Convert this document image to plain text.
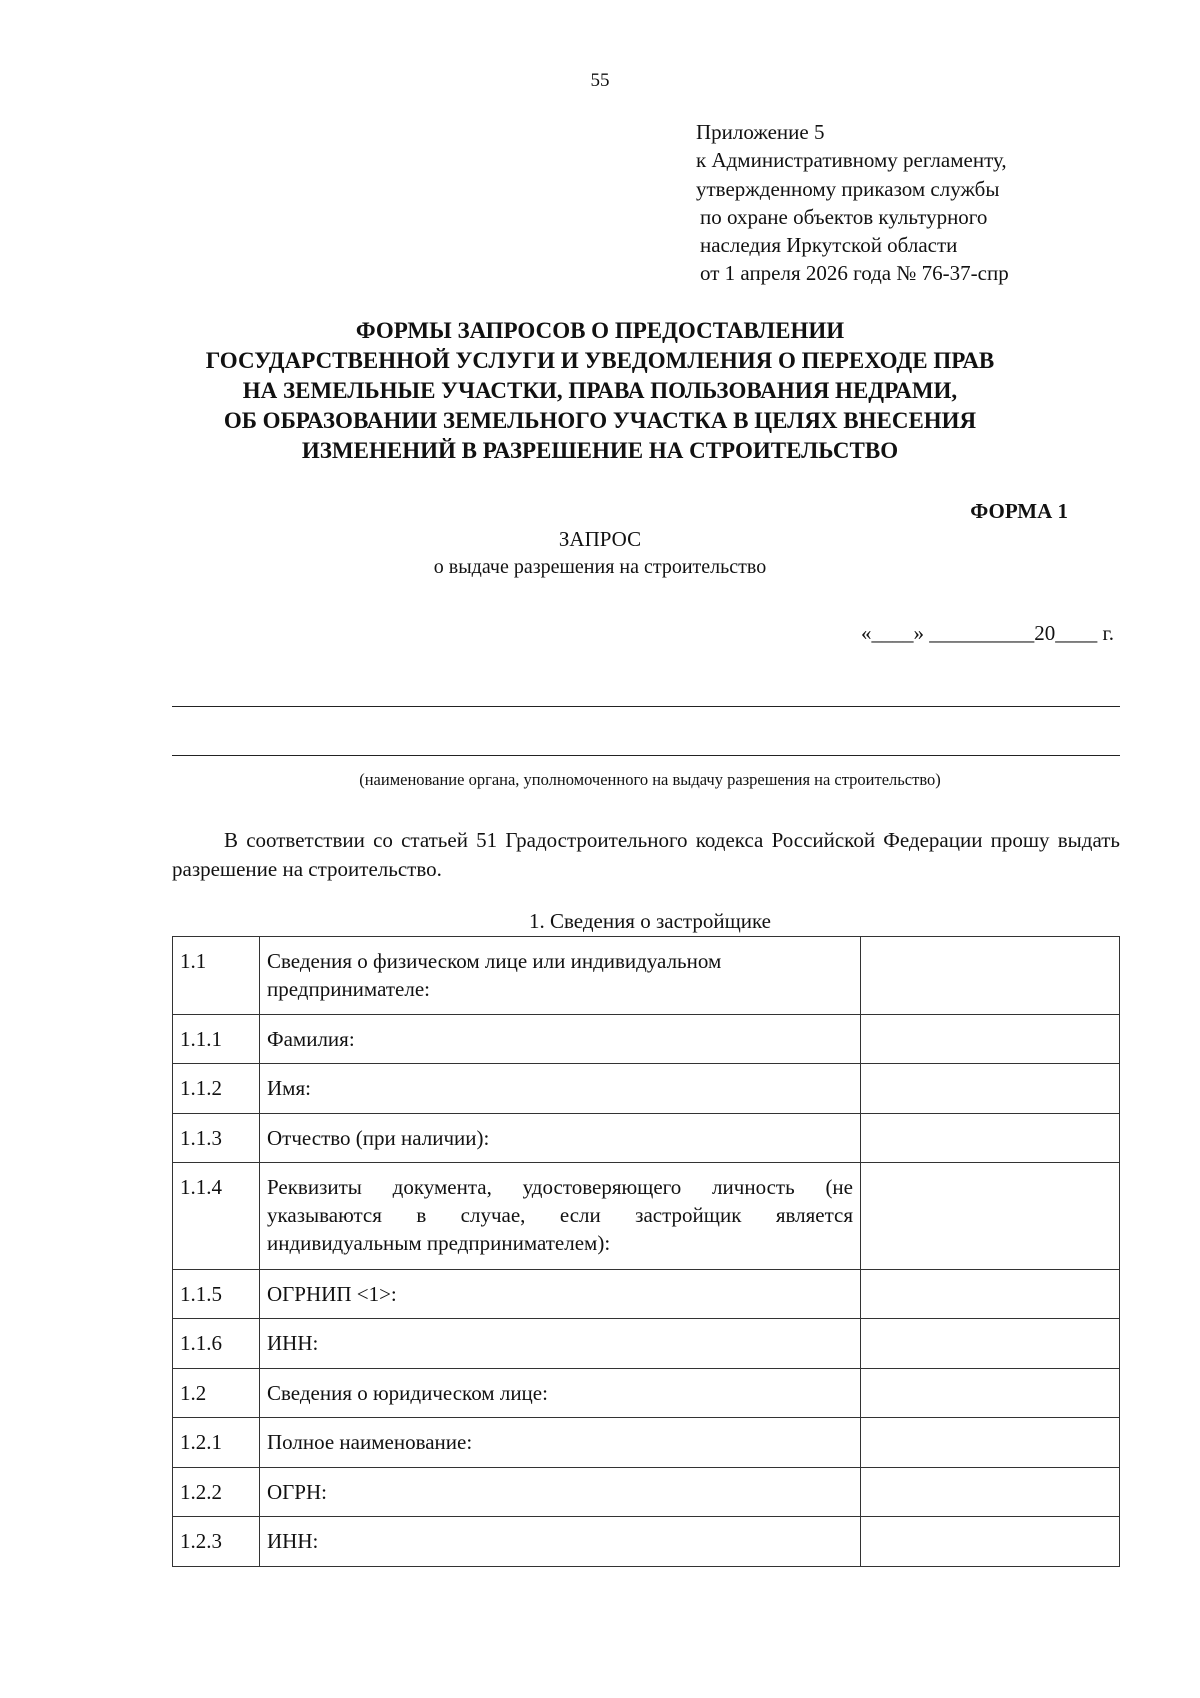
55
Приложение 5
к Административному регламенту,
утвержденному приказом службы
по охране объектов культурного
наследия Иркутской области
от 1 апреля 2026 года № 76-37-спр
ФОРМЫ ЗАПРОСОВ О ПРЕДОСТАВЛЕНИИ
ГОСУДАРСТВЕННОЙ УСЛУГИ И УВЕДОМЛЕНИЯ О ПЕРЕХОДЕ ПРАВ
НА ЗЕМЕЛЬНЫЕ УЧАСТКИ, ПРАВА ПОЛЬЗОВАНИЯ НЕДРАМИ,
ОБ ОБРАЗОВАНИИ ЗЕМЕЛЬНОГО УЧАСТКА В ЦЕЛЯХ ВНЕСЕНИЯ
ИЗМЕНЕНИЙ В РАЗРЕШЕНИЕ НА СТРОИТЕЛЬСТВО
ФОРМА 1
ЗАПРОС
о выдаче разрешения на строительство
«____» __________20____ г.
(наименование органа, уполномоченного на выдачу разрешения на строительство)
В соответствии со статьей 51 Градостроительного кодекса Российской Федерации прошу выдать разрешение на строительство.
1. Сведения о застройщике
1.1	Сведения о физическом лице или индивидуальном предпринимателе:	
1.1.1	Фамилия:	
1.1.2	Имя:	
1.1.3	Отчество (при наличии):	
1.1.4	Реквизиты документа, удостоверяющего личность (не указываются в случае, если застройщик является индивидуальным предпринимателем):	
1.1.5	ОГРНИП <1>:	
1.1.6	ИНН:	
1.2	Сведения о юридическом лице:	
1.2.1	Полное наименование:	
1.2.2	ОГРН:	
1.2.3	ИНН:	
